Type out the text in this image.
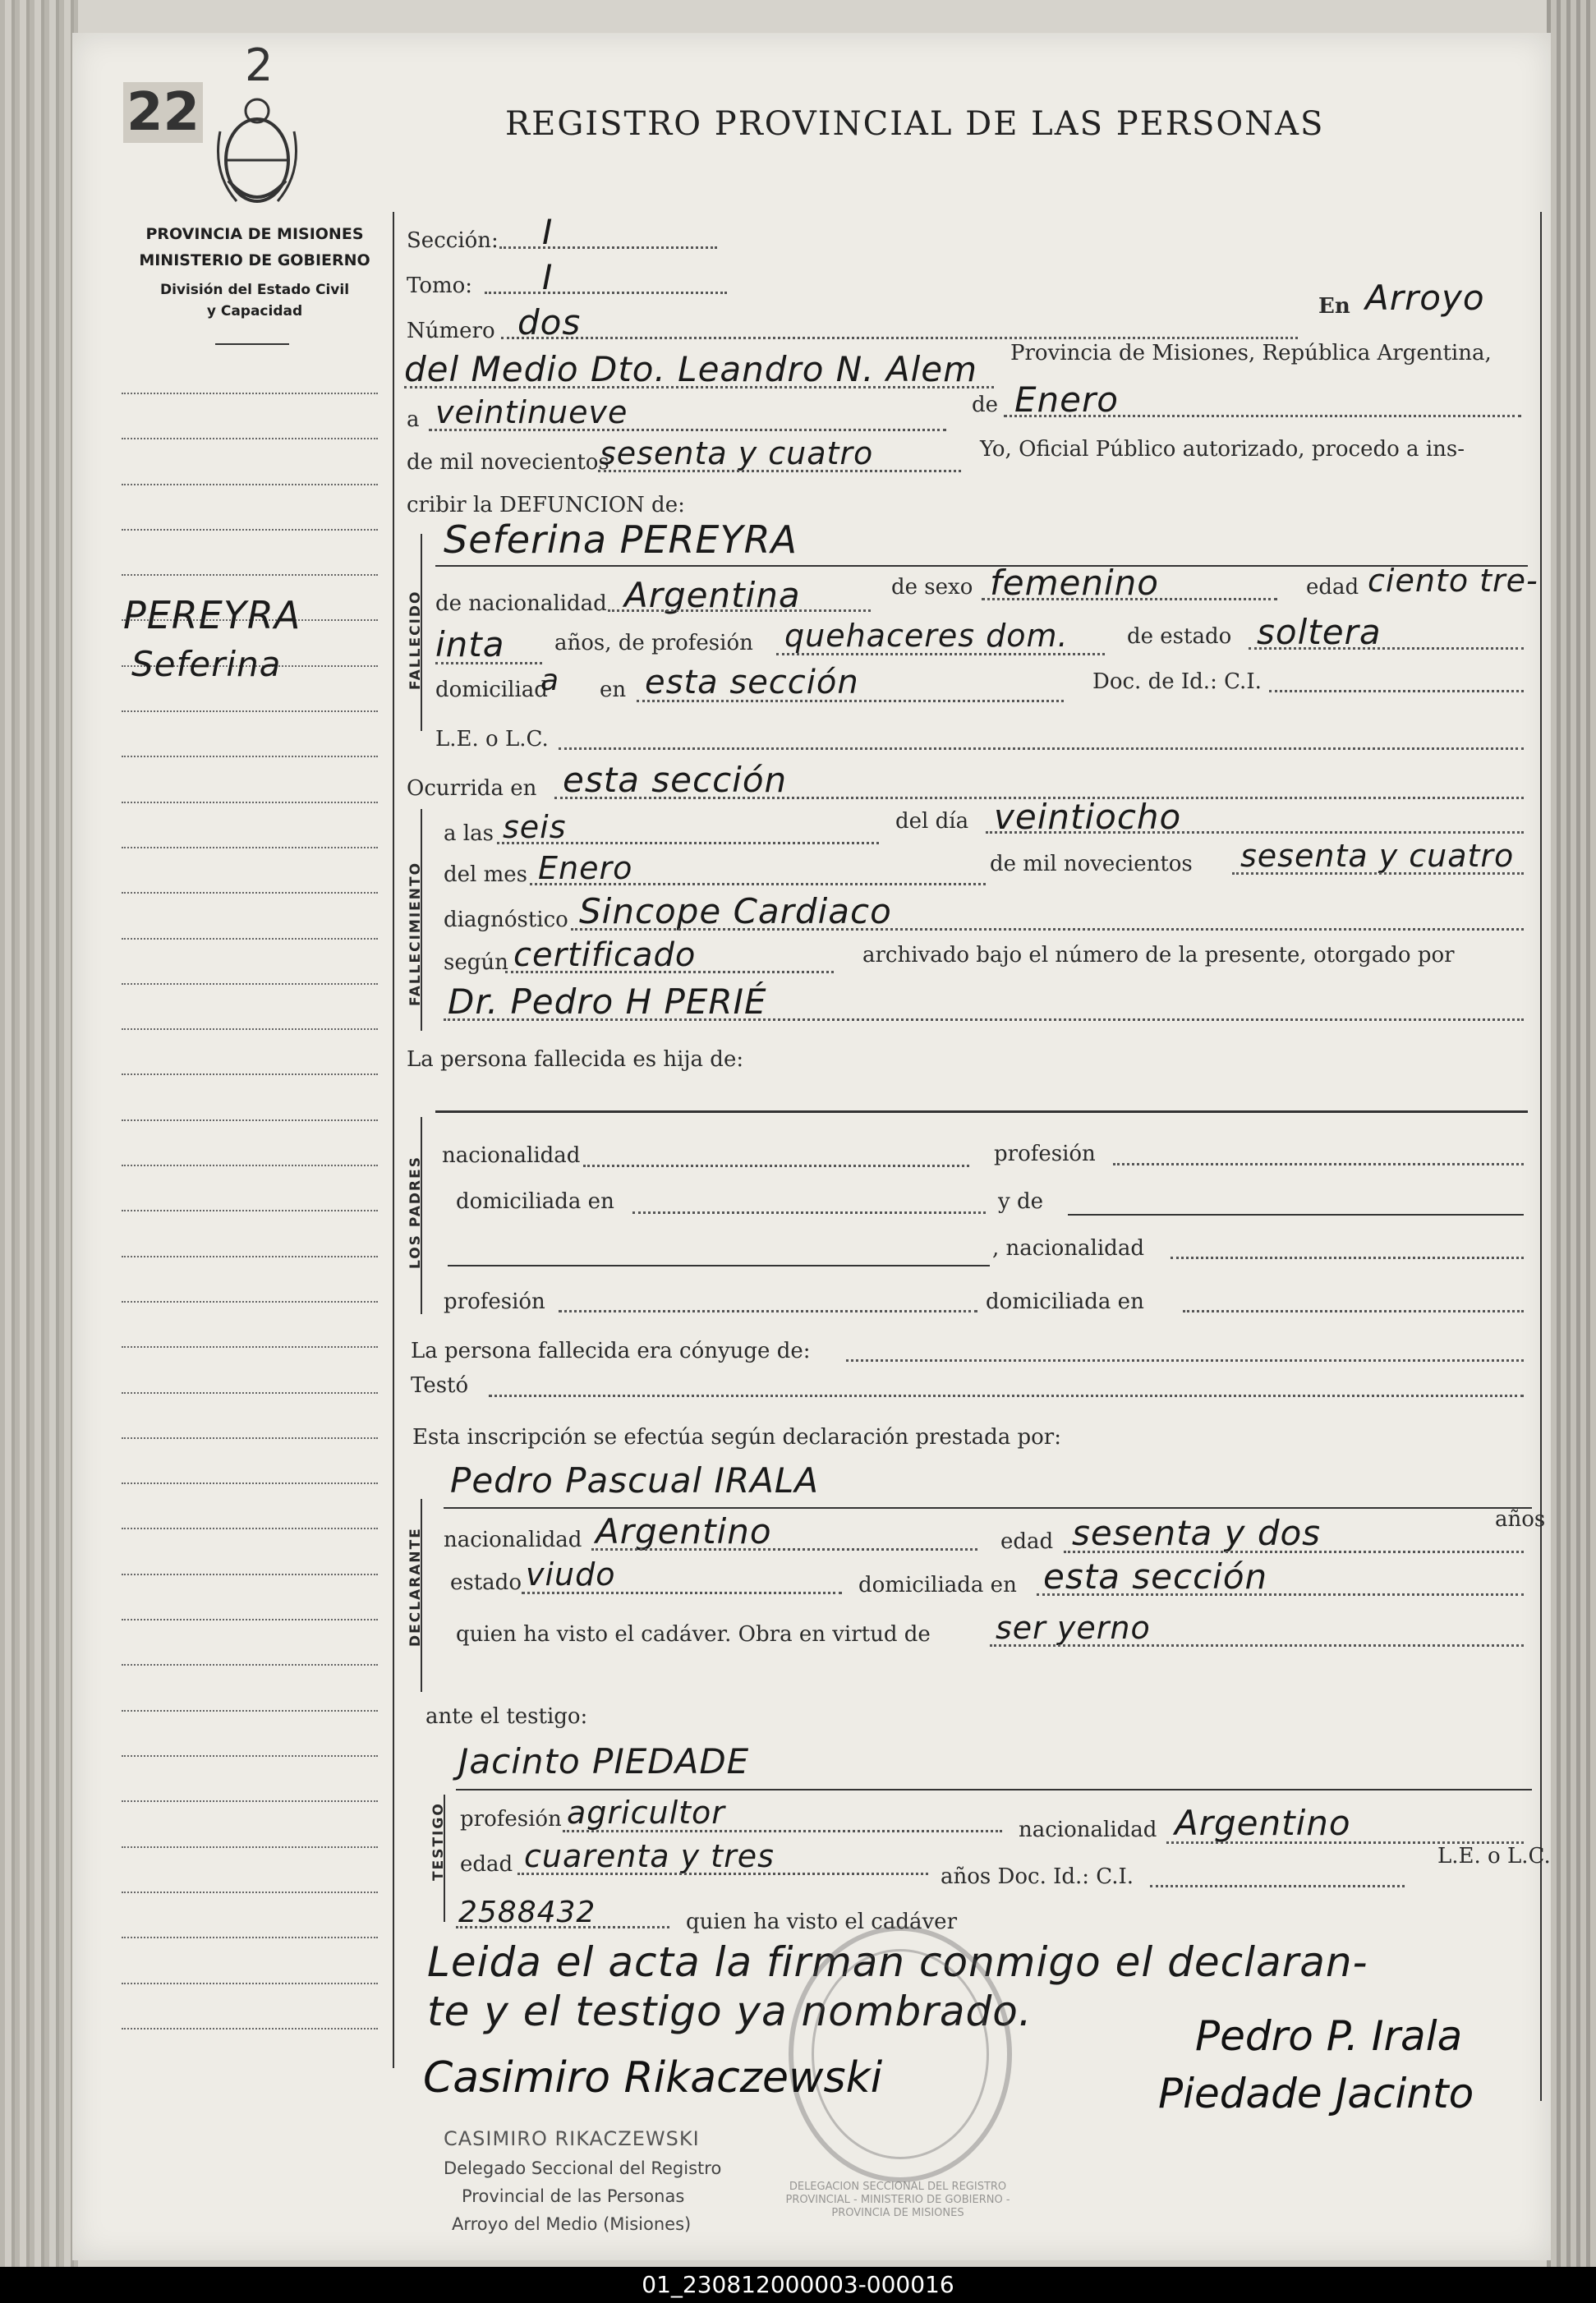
22
2
REGISTRO PROVINCIAL DE LAS PERSONAS
PROVINCIA DE MISIONES
MINISTERIO DE GOBIERNO
División del Estado Civil
y Capacidad
PEREYRA
Seferina
Sección: I
Tomo: I
Número dos	En Arroyo
del Medio Dto. Leandro N. Alem Provincia de Misiones, República Argentina,
a veintinueve	de Enero
de mil novecientos
sesenta y cuatro	Yo, Oficial Público autorizado, procedo a ins-
cribir la DEFUNCION de:
FALLECIDO
Seferina PEREYRA
de nacionalidad Argentina	de sexo femenino	edad ciento tre-
inta años, de profesión quehaceres dom.	de estado soltera
domiciliad
a en esta sección	Doc. de Id.: C.I.
L.E. o L.C.
Ocurrida en esta sección
FALLECIMIENTO
a las seis	del día veintiocho
del mes Enero	de mil novecientos sesenta y cuatro
diagnóstico Sincope Cardiaco
según certificado	archivado bajo el número de la presente, otorgado por
Dr. Pedro H PERIÉ
La persona fallecida es hija de:
LOS PADRES
nacionalidad	profesión
domiciliada en	y de
, nacionalidad
profesión	domiciliada en
La persona fallecida era cónyuge de:
Testó
Esta inscripción se efectúa según declaración prestada por:
DECLARANTE
Pedro Pascual IRALA
años
nacionalidad Argentino	edad sesenta y dos
estado viudo	domiciliada en esta sección
quien ha visto el cadáver. Obra en virtud de ser yerno
ante el testigo:
TESTIGO
Jacinto PIEDADE
profesión agricultor	nacionalidad Argentino
edad cuarenta y tres
años Doc. Id.: C.I.
L.E. o L.C.
2588432	quien ha visto el cadáver
Leida el acta la firman conmigo el declaran-
te y el testigo ya nombrado.
DELEGACION SECCIONAL DEL REGISTRO PROVINCIAL - MINISTERIO DE GOBIERNO - PROVINCIA DE MISIONES
Casimiro Rikaczewski
Pedro P. Irala
Piedade Jacinto
CASIMIRO RIKACZEWSKI
Delegado Seccional del Registro
Provincial de las Personas
Arroyo del Medio (Misiones)
01_230812000003-000016
